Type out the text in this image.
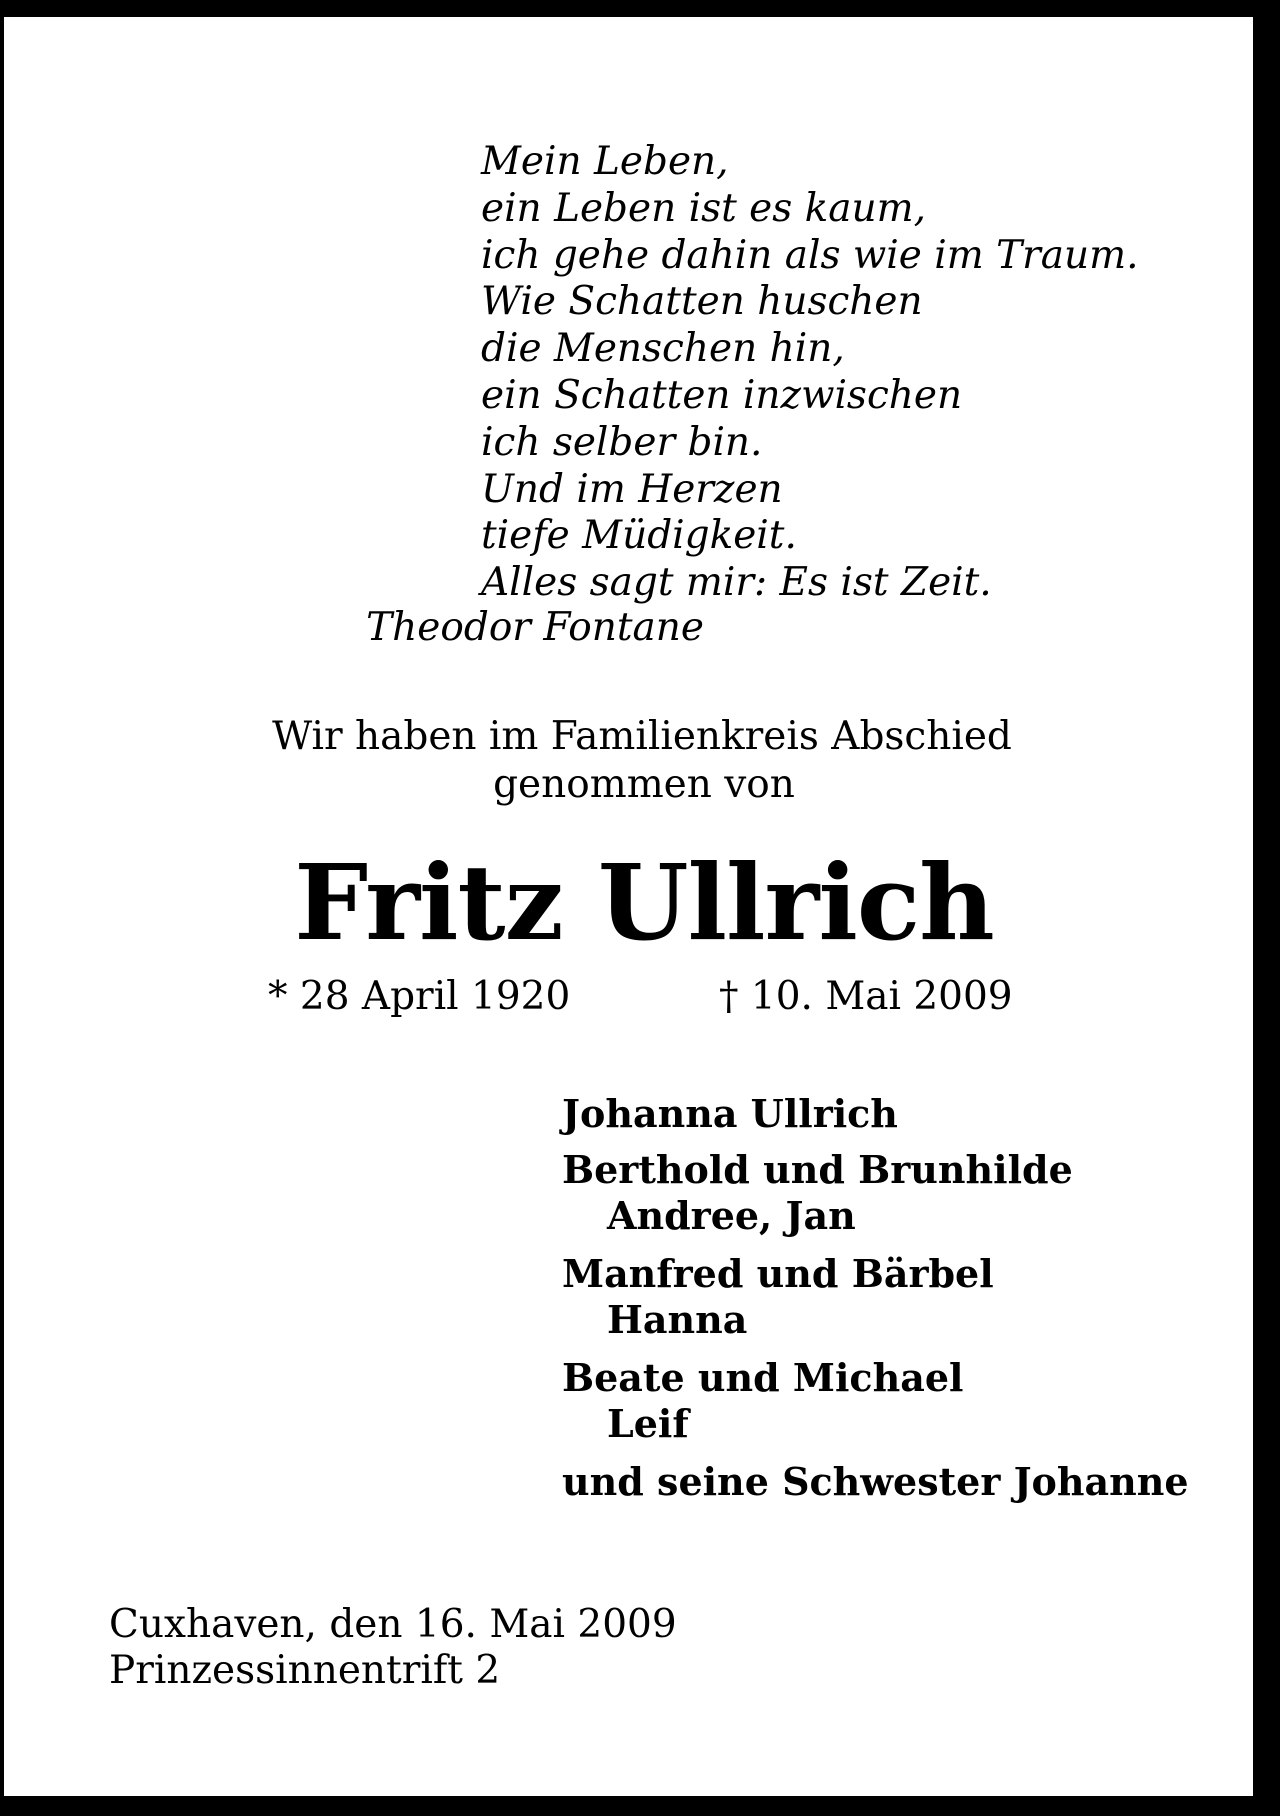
Mein Leben,
ein Leben ist es kaum,
ich gehe dahin als wie im Traum.
Wie Schatten huschen
die Menschen hin,
ein Schatten inzwischen
ich selber bin.
Und im Herzen
tiefe Müdigkeit.
Alles sagt mir: Es ist Zeit.
Theodor Fontane
Wir haben im Familienkreis Abschied
genommen von
Fritz Ullrich
* 28 April 1920	† 10. Mai 2009
Johanna Ullrich
Berthold und Brunhilde
Andree, Jan
Manfred und Bärbel
Hanna
Beate und Michael
Leif
und seine Schwester Johanne
Cuxhaven, den 16. Mai 2009
Prinzessinnentrift 2
